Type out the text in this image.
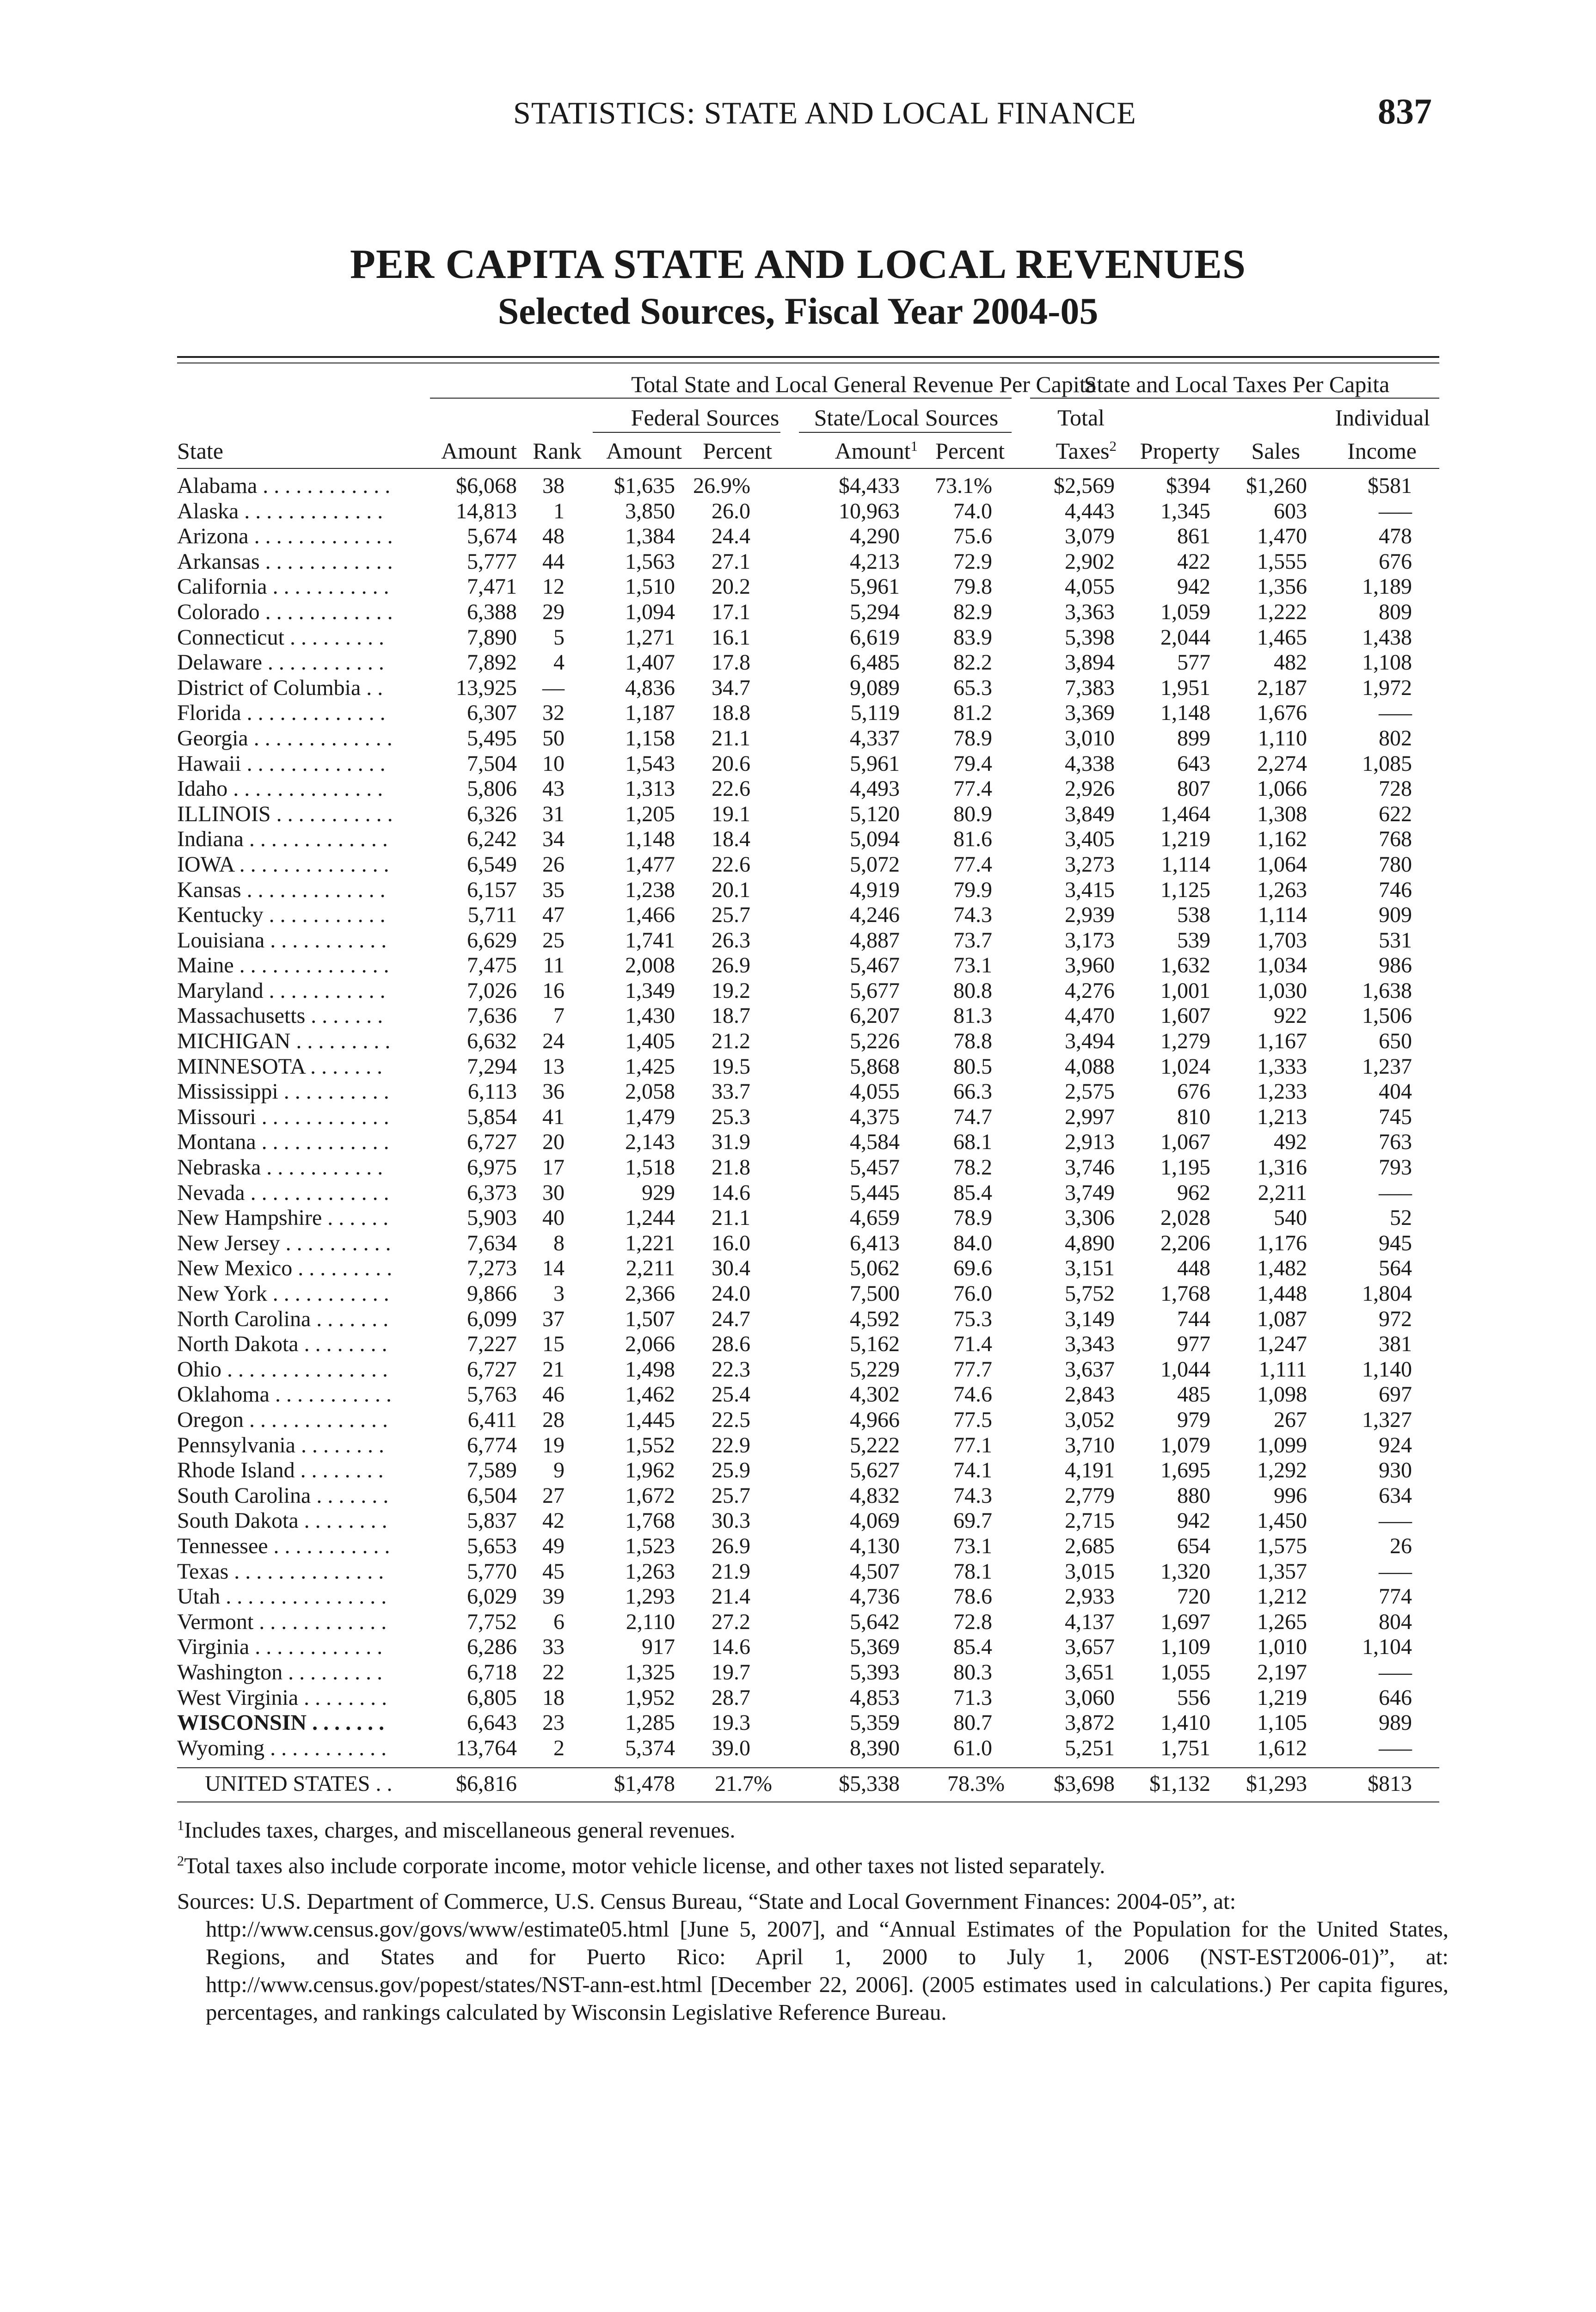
STATISTICS: STATE AND LOCAL FINANCE	837
PER CAPITA STATE AND LOCAL REVENUES
Selected Sources, Fiscal Year 2004-05
Total State and Local General Revenue Per Capita
State and Local Taxes Per Capita
Federal Sources State/Local Sources	Total	Individual
State	Amount Rank Amount Percent	Amount$^1$ Percent Taxes$^2$ Property Sales Income
Alabama . . . . . . . . . . . .	$6,068 38 $1,635 26.9%	$4,433 73.1%	$2,569 $394 $1,260	$581
Alaska . . . . . . . . . . . . .	14,813 1	3,850 26.0	10,963 74.0	4,443 1,345	603	–––
Arizona . . . . . . . . . . . . .	5,674 48	1,384 24.4	4,290 75.6	3,079	861 1,470	478
Arkansas . . . . . . . . . . . .	5,777 44	1,563 27.1	4,213 72.9	2,902	422 1,555	676
California . . . . . . . . . . .	7,471 12	1,510 20.2	5,961 79.8	4,055	942 1,356 1,189
Colorado . . . . . . . . . . . .	6,388 29	1,094 17.1	5,294 82.9	3,363 1,059 1,222	809
Connecticut . . . . . . . . .	7,890 5	1,271 16.1	6,619 83.9	5,398 2,044 1,465 1,438
Delaware . . . . . . . . . . .	7,892 4	1,407 17.8	6,485 82.2	3,894	577	482 1,108
District of Columbia . .	13,925 ––	4,836 34.7	9,089 65.3	7,383 1,951 2,187 1,972
Florida . . . . . . . . . . . . .	6,307 32	1,187 18.8	5,119 81.2	3,369 1,148 1,676	–––
Georgia . . . . . . . . . . . . .	5,495 50	1,158 21.1	4,337 78.9	3,010	899 1,110	802
Hawaii . . . . . . . . . . . . .	7,504 10	1,543 20.6	5,961 79.4	4,338	643 2,274 1,085
Idaho . . . . . . . . . . . . . .	5,806 43	1,313 22.6	4,493 77.4	2,926	807 1,066	728
ILLINOIS . . . . . . . . . . .	6,326 31	1,205 19.1	5,120 80.9	3,849 1,464 1,308	622
Indiana . . . . . . . . . . . . .	6,242 34	1,148 18.4	5,094 81.6	3,405 1,219 1,162	768
IOWA . . . . . . . . . . . . . .	6,549 26	1,477 22.6	5,072 77.4	3,273 1,114 1,064	780
Kansas . . . . . . . . . . . . .	6,157 35	1,238 20.1	4,919 79.9	3,415 1,125 1,263	746
Kentucky . . . . . . . . . . .	5,711 47	1,466 25.7	4,246 74.3	2,939	538 1,114	909
Louisiana . . . . . . . . . . .	6,629 25	1,741 26.3	4,887 73.7	3,173	539 1,703	531
Maine . . . . . . . . . . . . . .	7,475 11	2,008 26.9	5,467 73.1	3,960 1,632 1,034	986
Maryland . . . . . . . . . . .	7,026 16	1,349 19.2	5,677 80.8	4,276 1,001 1,030 1,638
Massachusetts . . . . . . .	7,636 7	1,430 18.7	6,207 81.3	4,470 1,607	922 1,506
MICHIGAN . . . . . . . . .	6,632 24	1,405 21.2	5,226 78.8	3,494 1,279 1,167	650
MINNESOTA . . . . . . .	7,294 13	1,425 19.5	5,868 80.5	4,088 1,024 1,333 1,237
Mississippi . . . . . . . . . .	6,113 36	2,058 33.7	4,055 66.3	2,575	676 1,233	404
Missouri . . . . . . . . . . . .	5,854 41	1,479 25.3	4,375 74.7	2,997	810 1,213	745
Montana . . . . . . . . . . . .	6,727 20	2,143 31.9	4,584 68.1	2,913 1,067	492	763
Nebraska . . . . . . . . . . .	6,975 17	1,518 21.8	5,457 78.2	3,746 1,195 1,316	793
Nevada . . . . . . . . . . . . .	6,373 30	929 14.6	5,445 85.4	3,749	962 2,211	–––
New Hampshire . . . . . .	5,903 40	1,244 21.1	4,659 78.9	3,306 2,028	540	52
New Jersey . . . . . . . . . .	7,634 8	1,221 16.0	6,413 84.0	4,890 2,206 1,176	945
New Mexico . . . . . . . . .	7,273 14	2,211 30.4	5,062 69.6	3,151	448 1,482	564
New York . . . . . . . . . . .	9,866 3	2,366 24.0	7,500 76.0	5,752 1,768 1,448 1,804
North Carolina . . . . . . .	6,099 37	1,507 24.7	4,592 75.3	3,149	744 1,087	972
North Dakota . . . . . . . .	7,227 15	2,066 28.6	5,162 71.4	3,343	977 1,247	381
Ohio . . . . . . . . . . . . . . .	6,727 21	1,498 22.3	5,229 77.7	3,637 1,044 1,111 1,140
Oklahoma . . . . . . . . . . .	5,763 46	1,462 25.4	4,302 74.6	2,843	485 1,098	697
Oregon . . . . . . . . . . . . .	6,411 28	1,445 22.5	4,966 77.5	3,052	979	267 1,327
Pennsylvania . . . . . . . .	6,774 19	1,552 22.9	5,222 77.1	3,710 1,079 1,099	924
Rhode Island . . . . . . . .	7,589 9	1,962 25.9	5,627 74.1	4,191 1,695 1,292	930
South Carolina . . . . . . .	6,504 27	1,672 25.7	4,832 74.3	2,779	880	996	634
South Dakota . . . . . . . .	5,837 42	1,768 30.3	4,069 69.7	2,715	942 1,450	–––
Tennessee . . . . . . . . . . .	5,653 49	1,523 26.9	4,130 73.1	2,685	654 1,575	26
Texas . . . . . . . . . . . . . .	5,770 45	1,263 21.9	4,507 78.1	3,015 1,320 1,357	–––
Utah . . . . . . . . . . . . . . .	6,029 39	1,293 21.4	4,736 78.6	2,933	720 1,212	774
Vermont . . . . . . . . . . . .	7,752 6	2,110 27.2	5,642 72.8	4,137 1,697 1,265	804
Virginia . . . . . . . . . . . .	6,286 33	917 14.6	5,369 85.4	3,657 1,109 1,010 1,104
Washington . . . . . . . . .	6,718 22	1,325 19.7	5,393 80.3	3,651 1,055 2,197	–––
West Virginia . . . . . . . .	6,805 18	1,952 28.7	4,853 71.3	3,060	556 1,219	646
WISCONSIN . . . . . . .	6,643 23	1,285 19.3	5,359 80.7	3,872 1,410 1,105	989
Wyoming . . . . . . . . . . .	13,764 2	5,374 39.0	8,390 61.0	5,251 1,751 1,612	–––
UNITED STATES . .	$6,816	$1,478 21.7%	$5,338 78.3% $3,698 $1,132 $1,293	$813
$^1$Includes taxes, charges, and miscellaneous general revenues.
$^2$Total taxes also include corporate income, motor vehicle license, and other taxes not listed separately.
Sources: U.S. Department of Commerce, U.S. Census Bureau, “State and Local Government Finances: 2004-05”, at:
http://www.census.gov/govs/www/estimate05.html [June 5, 2007], and “Annual Estimates of the Population for the United States, Regions, and States and for Puerto Rico: April 1, 2000 to July 1, 2006 (NST-EST2006-01)”, at: http://www.census.gov/popest/states/NST-ann-est.html [December 22, 2006]. (2005 estimates used in calculations.) Per capita figures, percentages, and rankings calculated by Wisconsin Legislative Reference Bureau.
